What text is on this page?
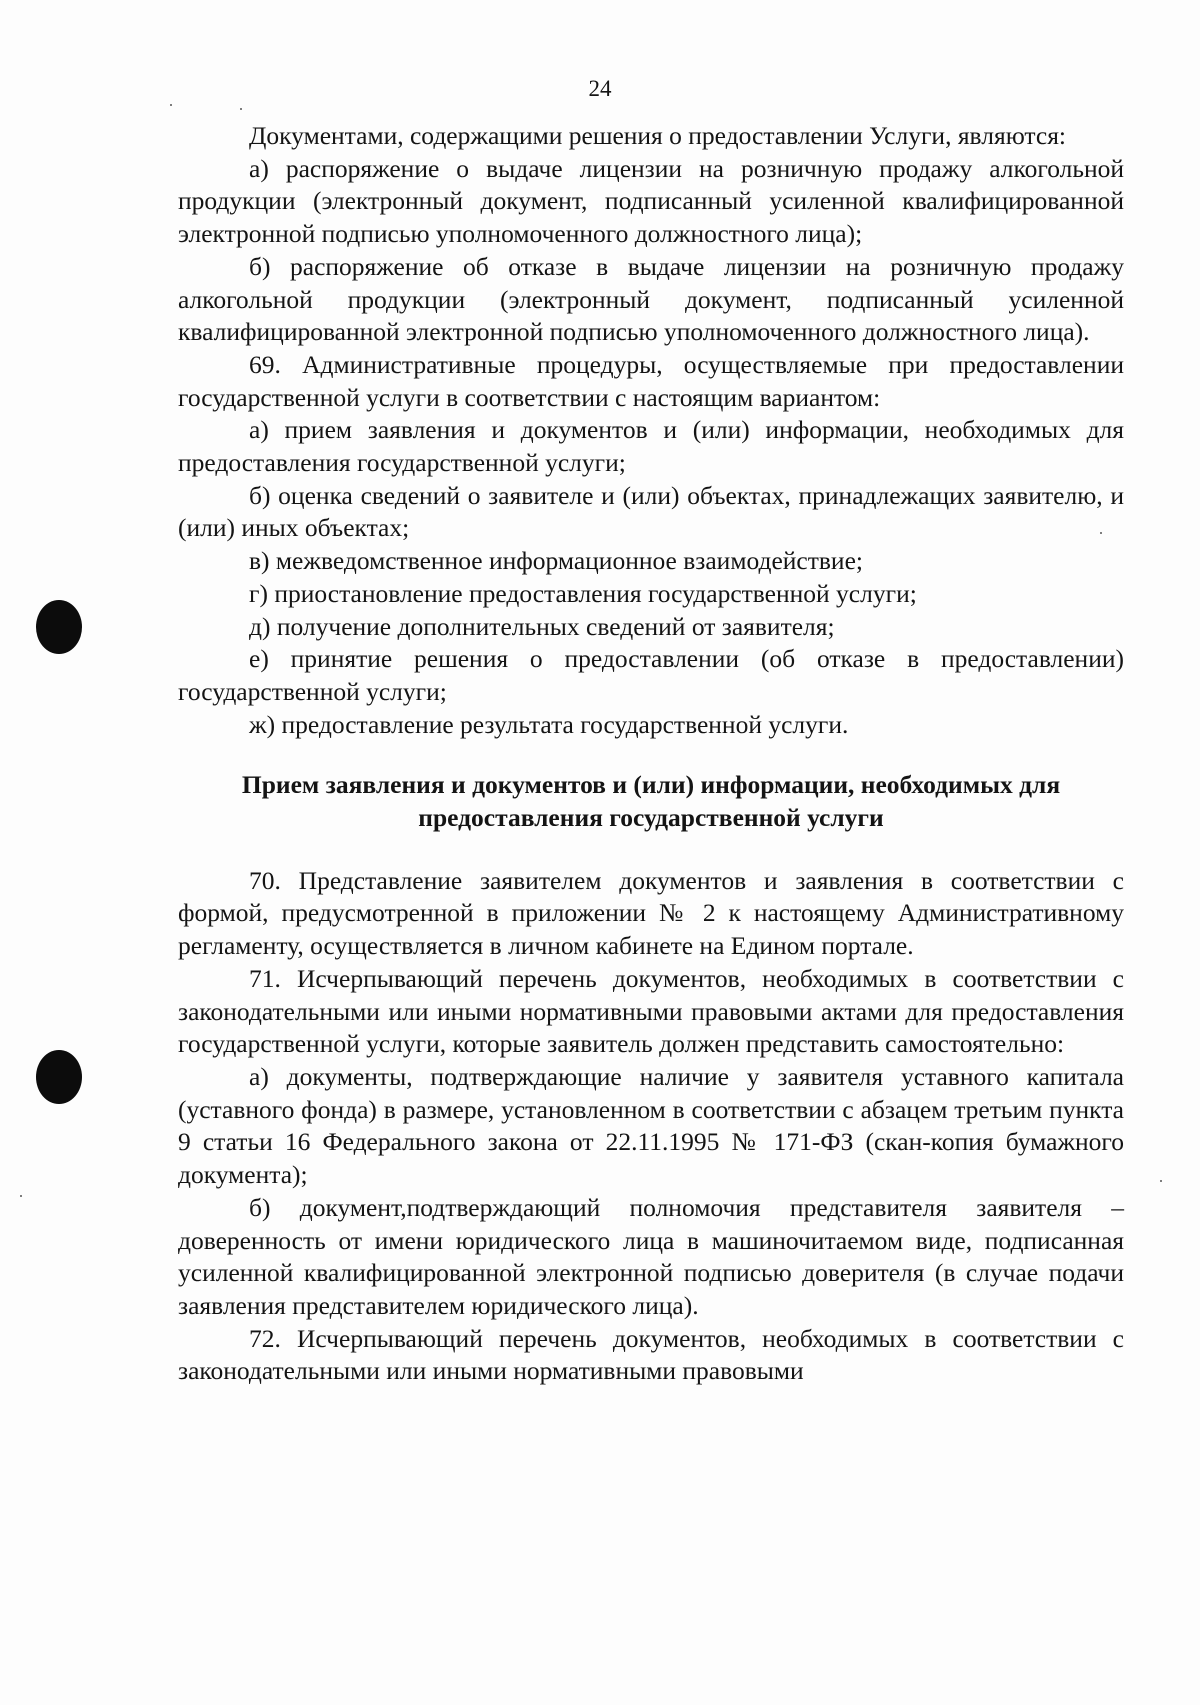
24

Документами, содержащими решения о предоставлении Услуги, являются:

а) распоряжение о выдаче лицензии на розничную продажу алкогольной продукции (электронный документ, подписанный усиленной квалифицированной электронной подписью уполномоченного должностного лица);

б) распоряжение об отказе в выдаче лицензии на розничную продажу алкогольной продукции (электронный документ, подписанный усиленной квалифицированной электронной подписью уполномоченного должностного лица).

69. Административные процедуры, осуществляемые при предоставлении государственной услуги в соответствии с настоящим вариантом:

а) прием заявления и документов и (или) информации, необходимых для предоставления государственной услуги;

б) оценка сведений о заявителе и (или) объектах, принадлежащих заявителю, и (или) иных объектах;

в) межведомственное информационное взаимодействие;

г) приостановление предоставления государственной услуги;

д) получение дополнительных сведений от заявителя;

е) принятие решения о предоставлении (об отказе в предоставлении) государственной услуги;

ж) предоставление результата государственной услуги.

Прием заявления и документов и (или) информации, необходимых для
предоставления государственной услуги

70. Представление заявителем документов и заявления в соответствии с формой, предусмотренной в приложении № 2 к настоящему Административному регламенту, осуществляется в личном кабинете на Едином портале.

71. Исчерпывающий перечень документов, необходимых в соответствии с законодательными или иными нормативными правовыми актами для предоставления государственной услуги, которые заявитель должен представить самостоятельно:

а) документы, подтверждающие наличие у заявителя уставного капитала (уставного фонда) в размере, установленном в соответствии с абзацем третьим пункта 9 статьи 16 Федерального закона от 22.11.1995 № 171-ФЗ (скан-копия бумажного документа);

б) документ,подтверждающий полномочия представителя заявителя – доверенность от имени юридического лица в машиночитаемом виде, подписанная усиленной квалифицированной электронной подписью доверителя (в случае подачи заявления представителем юридического лица).

72. Исчерпывающий перечень документов, необходимых в соответствии с законодательными или иными нормативными правовыми
